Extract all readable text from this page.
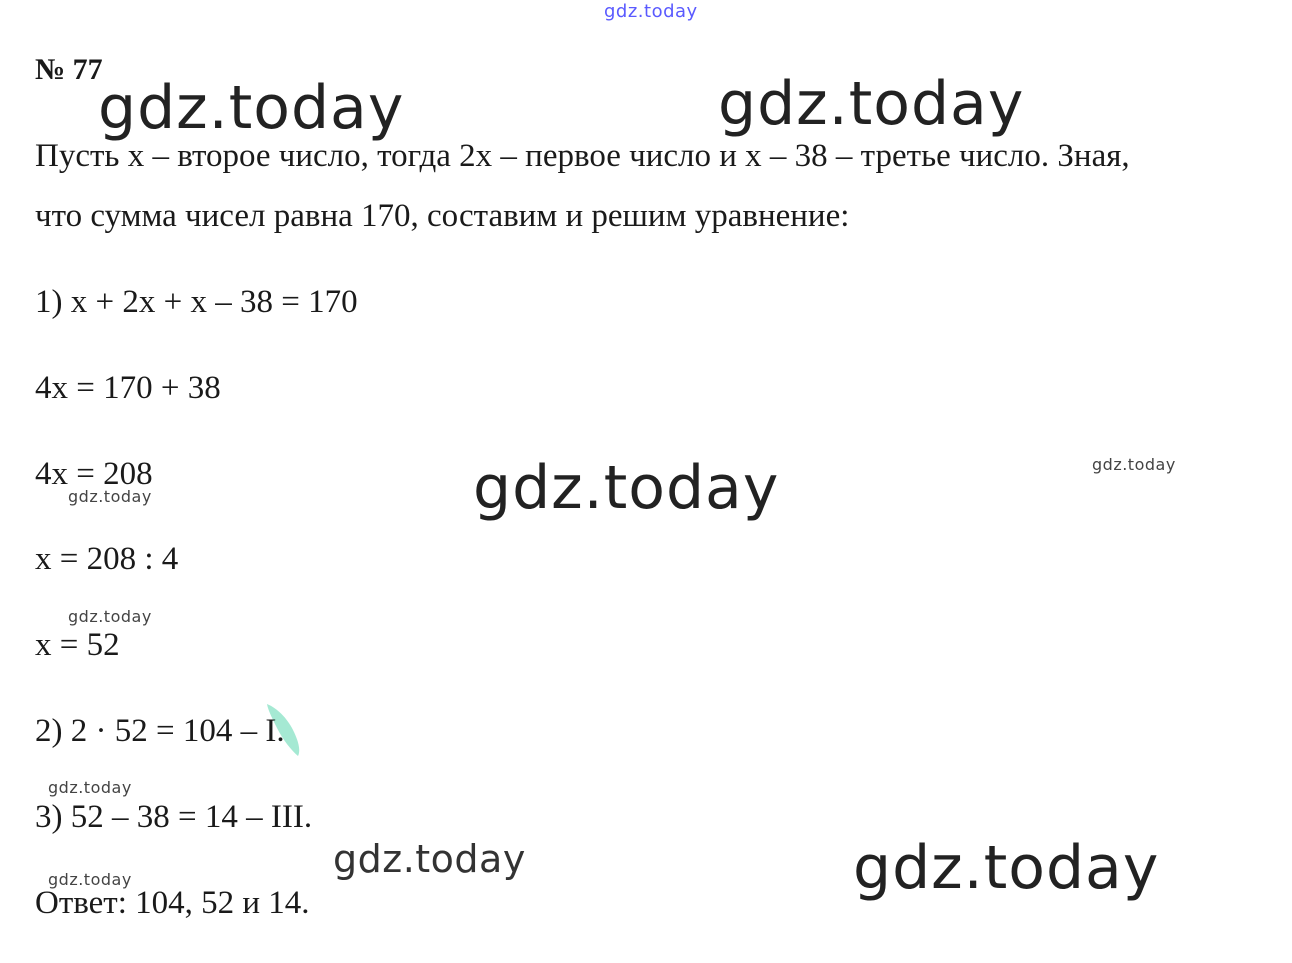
gdz.today
№ 77
gdz.today	gdz.today
gdz.today
gdz.today
gdz.today
gdz.today
gdz.today
gdz.today
gdz.today
gdz.today
Пусть x – второе число, тогда 2x – первое число и x – 38 – третье число. Зная,
что сумма чисел равна 170, составим и решим уравнение:
1) x + 2x + x – 38 = 170
4x = 170 + 38
4x = 208
x = 208 : 4
x = 52
2) 2 · 52 = 104 – I.
3) 52 – 38 = 14 – III.
Ответ: 104, 52 и 14.
